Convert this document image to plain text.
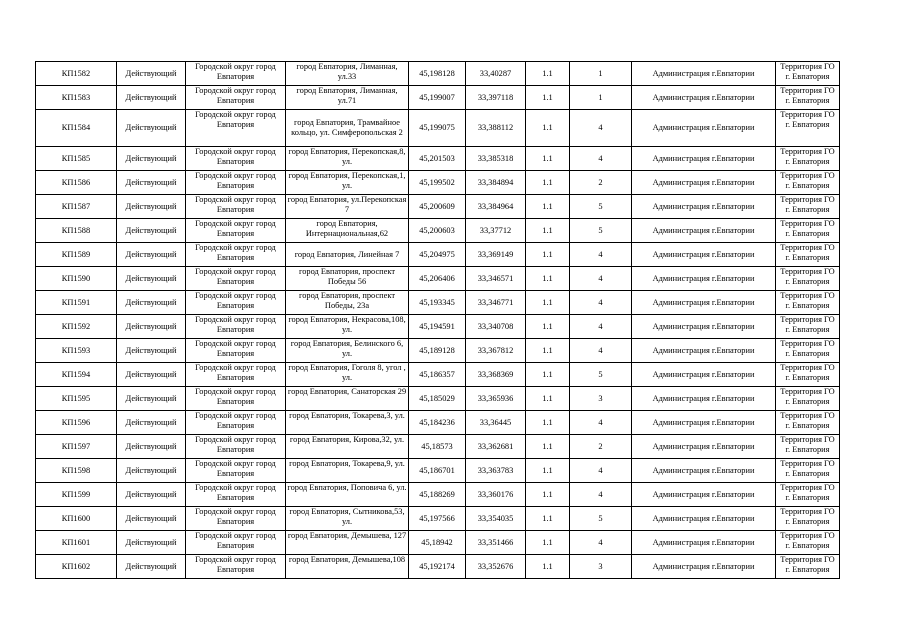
КП1582	Действующий	Городской округ город Евпатория	город Евпатория, Лиманная, ул.33	45,198128	33,40287	1.1	1	Администрация г.Евпатории	Территория ГО г. Евпатория
КП1583	Действующий	Городской округ город Евпатория	город Евпатория, Лиманная, ул.71	45,199007	33,397118	1.1	1	Администрация г.Евпатории	Территория ГО г. Евпатория
КП1584	Действующий	Городской округ город Евпатория	город Евпатория, Трамвайное кольцо, ул. Симферопольская 2	45,199075	33,388112	1.1	4	Администрация г.Евпатории	Территория ГО г. Евпатория
КП1585	Действующий	Городской округ город Евпатория	город Евпатория, Перекопская,8, ул.	45,201503	33,385318	1.1	4	Администрация г.Евпатории	Территория ГО г. Евпатория
КП1586	Действующий	Городской округ город Евпатория	город Евпатория, Перекопская,1, ул.	45,199502	33,384894	1.1	2	Администрация г.Евпатории	Территория ГО г. Евпатория
КП1587	Действующий	Городской округ город Евпатория	город Евпатория, ул.Перекопская 7	45,200609	33,384964	1.1	5	Администрация г.Евпатории	Территория ГО г. Евпатория
КП1588	Действующий	Городской округ город Евпатория	город Евпатория, Интернациональная,62	45,200603	33,37712	1.1	5	Администрация г.Евпатории	Территория ГО г. Евпатория
КП1589	Действующий	Городской округ город Евпатория	город Евпатория, Линейная 7	45,204975	33,369149	1.1	4	Администрация г.Евпатории	Территория ГО г. Евпатория
КП1590	Действующий	Городской округ город Евпатория	город Евпатория, проспект Победы 56	45,206406	33,346571	1.1	4	Администрация г.Евпатории	Территория ГО г. Евпатория
КП1591	Действующий	Городской округ город Евпатория	город Евпатория, проспект Победы, 23а	45,193345	33,346771	1.1	4	Администрация г.Евпатории	Территория ГО г. Евпатория
КП1592	Действующий	Городской округ город Евпатория	город Евпатория, Некрасова,108, ул.	45,194591	33,340708	1.1	4	Администрация г.Евпатории	Территория ГО г. Евпатория
КП1593	Действующий	Городской округ город Евпатория	город Евпатория, Белинского 6, ул.	45,189128	33,367812	1.1	4	Администрация г.Евпатории	Территория ГО г. Евпатория
КП1594	Действующий	Городской округ город Евпатория	город Евпатория, Гоголя 8, угол , ул.	45,186357	33,368369	1.1	5	Администрация г.Евпатории	Территория ГО г. Евпатория
КП1595	Действующий	Городской округ город Евпатория	город Евпатория, Санаторская 29	45,185029	33,365936	1.1	3	Администрация г.Евпатории	Территория ГО г. Евпатория
КП1596	Действующий	Городской округ город Евпатория	город Евпатория, Токарева,3, ул.	45,184236	33,36445	1.1	4	Администрация г.Евпатории	Территория ГО г. Евпатория
КП1597	Действующий	Городской округ город Евпатория	город Евпатория, Кирова,32, ул.	45,18573	33,362681	1.1	2	Администрация г.Евпатории	Территория ГО г. Евпатория
КП1598	Действующий	Городской округ город Евпатория	город Евпатория, Токарева,9, ул.	45,186701	33,363783	1.1	4	Администрация г.Евпатории	Территория ГО г. Евпатория
КП1599	Действующий	Городской округ город Евпатория	город Евпатория, Поповича 6, ул.	45,188269	33,360176	1.1	4	Администрация г.Евпатории	Территория ГО г. Евпатория
КП1600	Действующий	Городской округ город Евпатория	город Евпатория, Сытникова,53, ул.	45,197566	33,354035	1.1	5	Администрация г.Евпатории	Территория ГО г. Евпатория
КП1601	Действующий	Городской округ город Евпатория	город Евпатория, Демышева, 127	45,18942	33,351466	1.1	4	Администрация г.Евпатории	Территория ГО г. Евпатория
КП1602	Действующий	Городской округ город Евпатория	город Евпатория, Демышева,108	45,192174	33,352676	1.1	3	Администрация г.Евпатории	Территория ГО г. Евпатория
